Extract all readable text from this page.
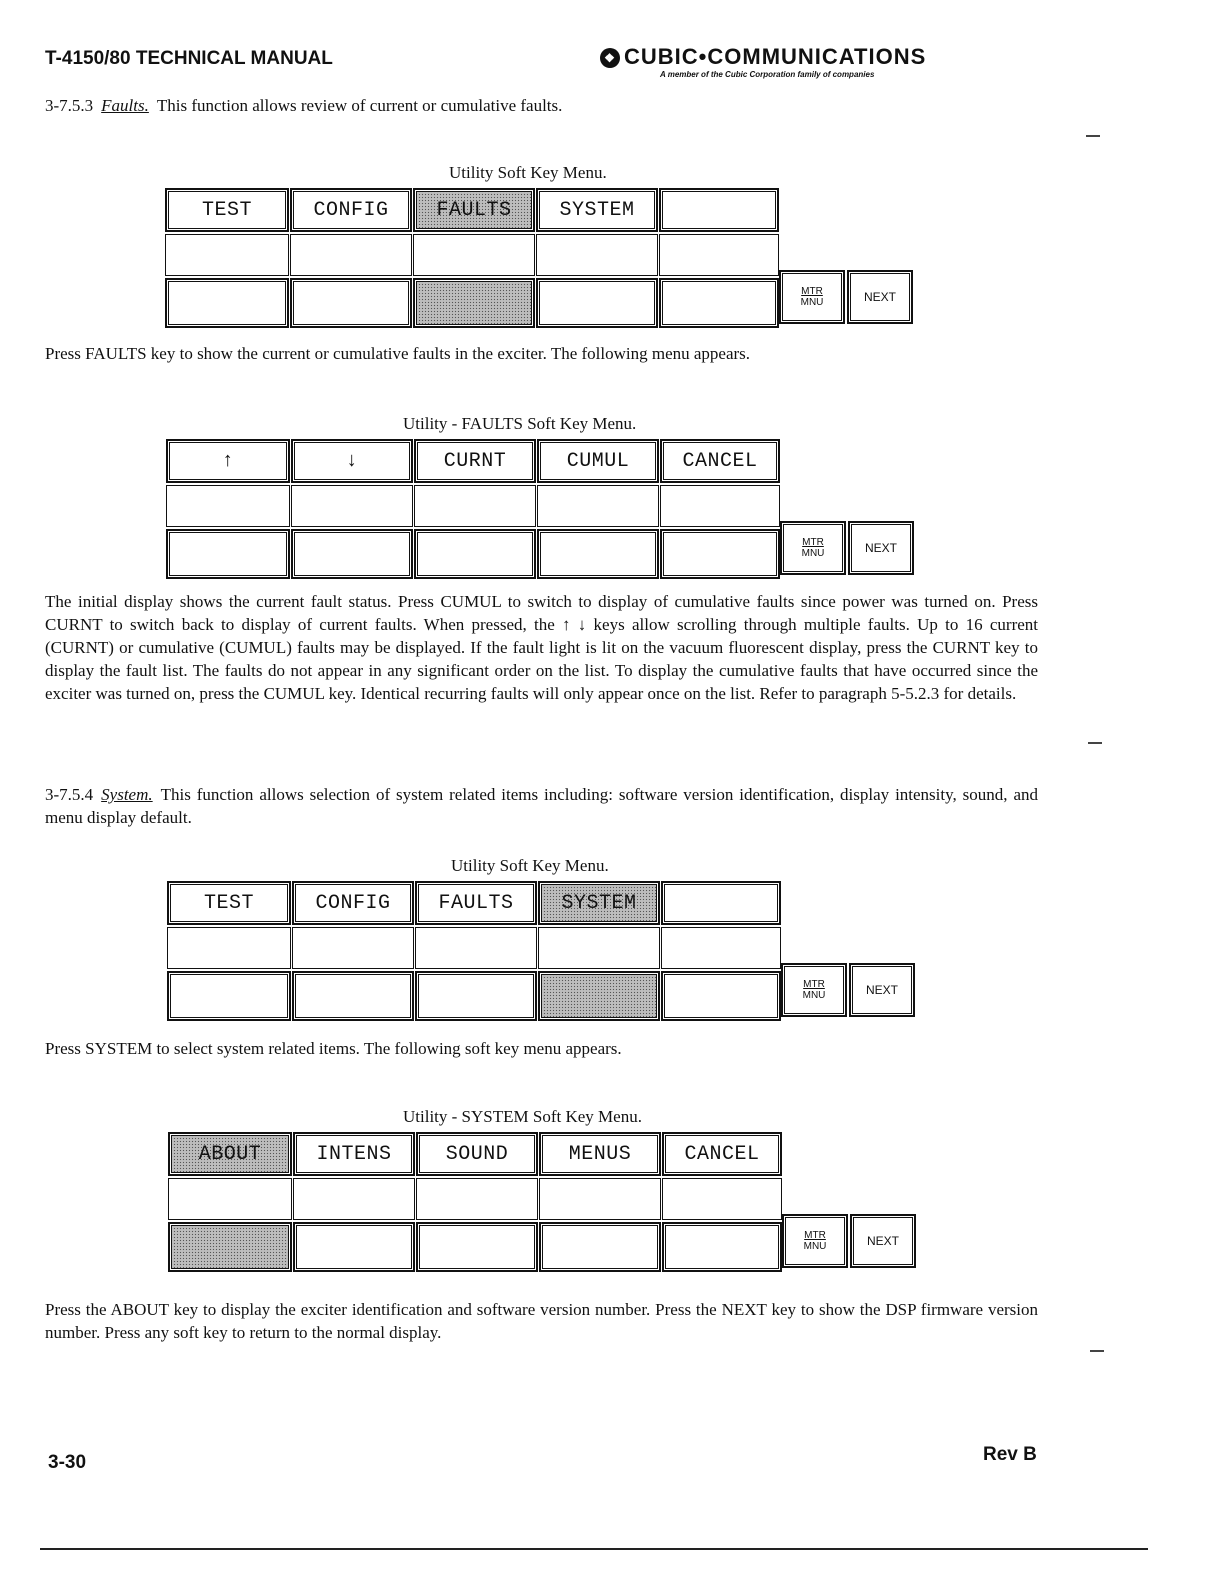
T-4150/80 TECHNICAL MANUAL	❖ CUBIC•COMMUNICATIONS
A member of the Cubic Corporation family of companies
3-7.5.3 Faults. This function allows review of current or cumulative faults.
Utility Soft Key Menu.
TEST	CONFIG FAULTS SYSTEM
MTR
MNU	NEXT
Press FAULTS key to show the current or cumulative faults in the exciter. The following menu appears.
Utility - FAULTS Soft Key Menu.
↑	↓	CURNT	CUMUL	CANCEL
MTR
MNU	NEXT
The initial display shows the current fault status. Press CUMUL to switch to display of cumulative faults since power was turned on. Press CURNT to switch back to display of current faults. When pressed, the ↑ ↓ keys allow scrolling through multiple faults. Up to 16 current (CURNT) or cumulative (CUMUL) faults may be displayed. If the fault light is lit on the vacuum fluorescent display, press the CURNT key to display the fault list. The faults do not appear in any significant order on the list. To display the cumulative faults that have occurred since the exciter was turned on, press the CUMUL key. Identical recurring faults will only appear once on the list. Refer to paragraph 5-5.2.3 for details.
3-7.5.4 System. This function allows selection of system related items including: software version identification, display intensity, sound, and menu display default.
Utility Soft Key Menu.
TEST	CONFIG FAULTS SYSTEM
MTR
MNU	NEXT
Press SYSTEM to select system related items. The following soft key menu appears.
Utility - SYSTEM Soft Key Menu.
ABOUT	INTENS	SOUND	MENUS	CANCEL
MTR
MNU	NEXT
Press the ABOUT key to display the exciter identification and software version number. Press the NEXT key to show the DSP firmware version number. Press any soft key to return to the normal display.
3-30	Rev B
